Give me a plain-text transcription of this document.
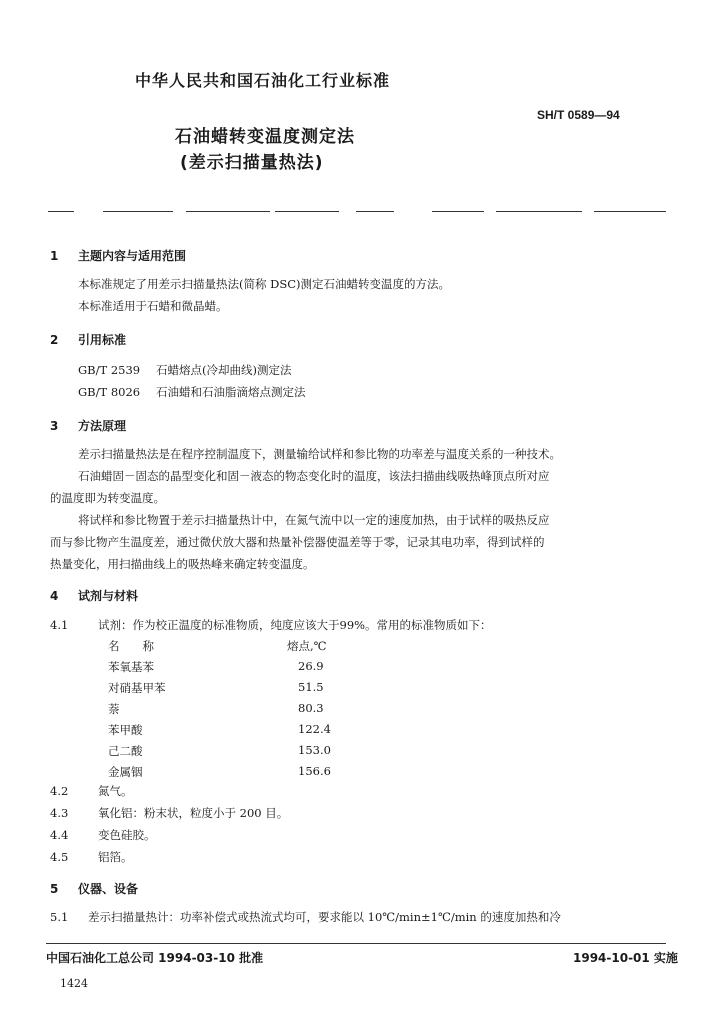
中华人民共和国石油化工行业标准
SH/T 0589—94
石油蜡转变温度测定法
(差示扫描量热法)
1 主题内容与适用范围
本标准规定了用差示扫描量热法(简称 DSC)测定石油蜡转变温度的方法。
本标准适用于石蜡和微晶蜡。
2 引用标准
GB/T 2539 石蜡熔点(冷却曲线)测定法
GB/T 8026 石油蜡和石油脂滴熔点测定法
3 方法原理
差示扫描量热法是在程序控制温度下，测量输给试样和参比物的功率差与温度关系的一种技术。
石油蜡固－固态的晶型变化和固－液态的物态变化时的温度，该法扫描曲线吸热峰顶点所对应
的温度即为转变温度。
将试样和参比物置于差示扫描量热计中，在氮气流中以一定的速度加热，由于试样的吸热反应
而与参比物产生温度差，通过微伏放大器和热量补偿器使温差等于零，记录其电功率，得到试样的
热量变化，用扫描曲线上的吸热峰来确定转变温度。
4 试剂与材料
4.1	试剂：作为校正温度的标准物质，纯度应该大于99%。常用的标准物质如下：
名　　称	熔点,℃
苯氧基苯	26.9
对硝基甲苯	51.5
萘	80.3
苯甲酸	122.4
己二酸	153.0
金属铟	156.6
4.2	氮气。
4.3	氧化铝：粉末状，粒度小于 200 目。
4.4	变色硅胶。
4.5	铝箔。
5 仪器、设备
5.1 差示扫描量热计：功率补偿式或热流式均可，要求能以 10℃/min±1℃/min 的速度加热和冷
中国石油化工总公司 1994-03-10 批准	1994-10-01 实施
1424
